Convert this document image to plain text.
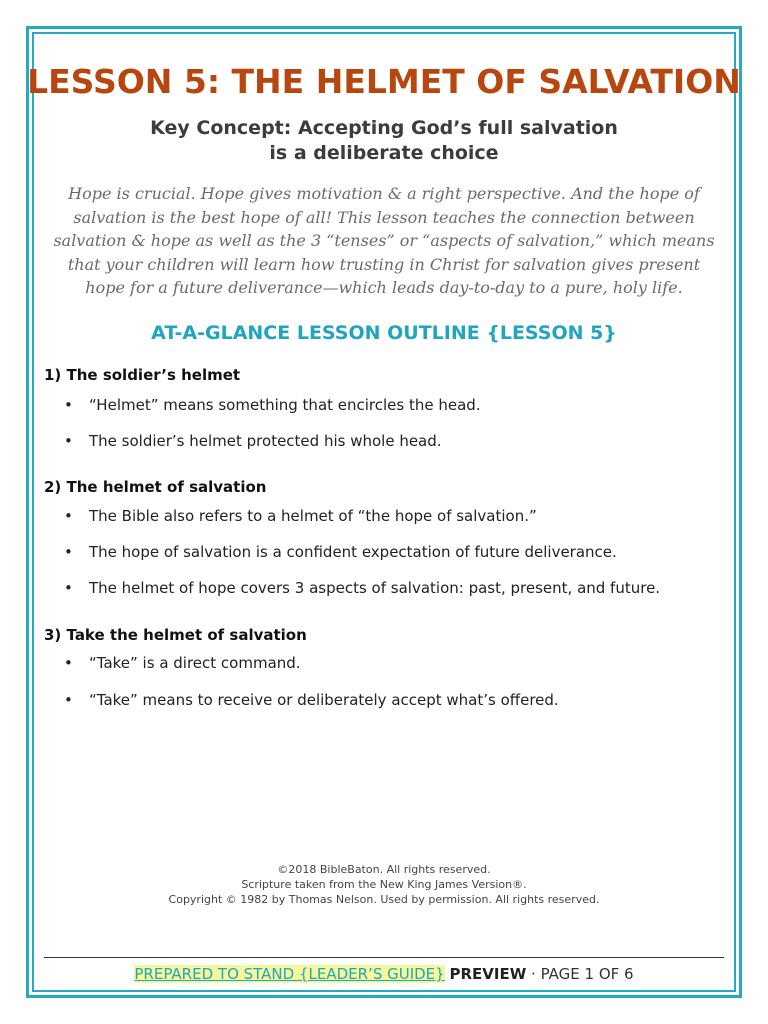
LESSON 5: THE HELMET OF SALVATION
Key Concept: Accepting God’s full salvation
is a deliberate choice

Hope is crucial. Hope gives motivation & a right perspective. And the hope of salvation is the best hope of all! This lesson teaches the connection between salvation & hope as well as the 3 “tenses” or “aspects of salvation,” which means that your children will learn how trusting in Christ for salvation gives present hope for a future deliverance—which leads day-to-day to a pure, holy life.

AT-A-GLANCE LESSON OUTLINE {LESSON 5}
1) The soldier’s helmet
• “Helmet” means something that encircles the head.
• The soldier’s helmet protected his whole head.
2) The helmet of salvation
• The Bible also refers to a helmet of “the hope of salvation.”
• The hope of salvation is a confident expectation of future deliverance.
• The helmet of hope covers 3 aspects of salvation: past, present, and future.
3) Take the helmet of salvation
• “Take” is a direct command.
• “Take” means to receive or deliberately accept what’s offered.
©2018 BibleBaton. All rights reserved.
Scripture taken from the New King James Version®.
Copyright © 1982 by Thomas Nelson. Used by permission. All rights reserved.
PREPARED TO STAND {LEADER’S GUIDE} PREVIEW · PAGE 1 OF 6
